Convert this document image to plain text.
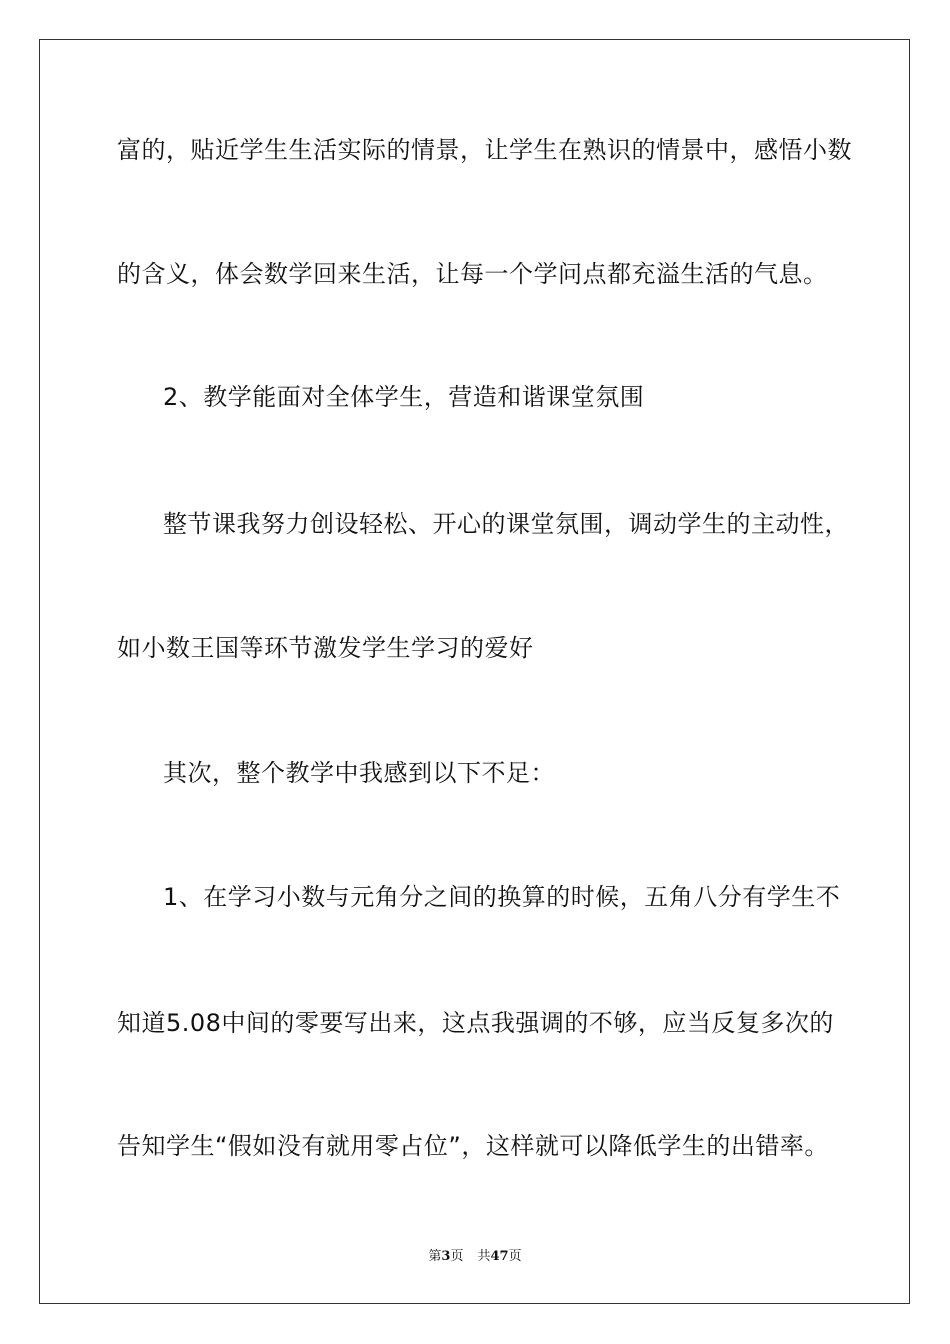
富的，贴近学生生活实际的情景，让学生在熟识的情景中，感悟小数
的含义，体会数学回来生活，让每一个学问点都充溢生活的气息。
2、教学能面对全体学生，营造和谐课堂氛围
整节课我努力创设轻松、开心的课堂氛围，调动学生的主动性，
如小数王国等环节激发学生学习的爱好
其次，整个教学中我感到以下不足：
1、在学习小数与元角分之间的换算的时候，五角八分有学生不
知道5.08中间的零要写出来，这点我强调的不够，应当反复多次的
告知学生“假如没有就用零占位”，这样就可以降低学生的出错率。
第3页 共47页
